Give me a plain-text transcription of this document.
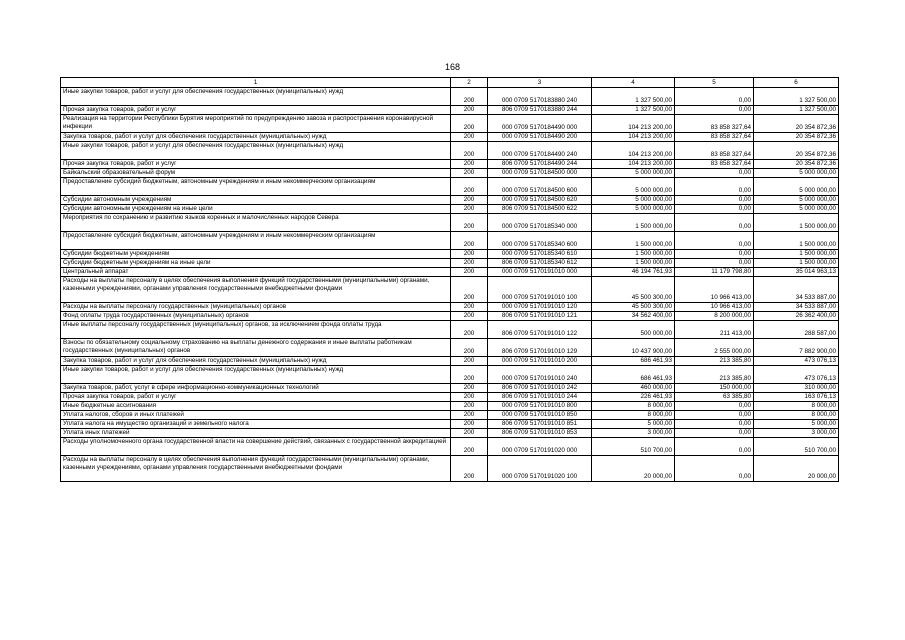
168
1	2	3	4	5	6
Иные закупки товаров, работ и услуг для обеспечения государственных (муниципальных) нужд	200	000 0709 5170183880 240	1 327 500,00	0,00	1 327 500,00
Прочая закупка товаров, работ и услуг	200	806 0709 5170183880 244	1 327 500,00	0,00	1 327 500,00
Реализация на территории Республики Бурятия мероприятий по предупреждению завоза и распространения коронавирусной инфекции	200	000 0709 5170184490 000	104 213 200,00	83 858 327,64	20 354 872,36
Закупка товаров, работ и услуг для обеспечения государственных (муниципальных) нужд	200	000 0709 5170184490 200	104 213 200,00	83 858 327,64	20 354 872,36
Иные закупки товаров, работ и услуг для обеспечения государственных (муниципальных) нужд	200	000 0709 5170184490 240	104 213 200,00	83 858 327,64	20 354 872,36
Прочая закупка товаров, работ и услуг	200	806 0709 5170184490 244	104 213 200,00	83 858 327,64	20 354 872,36
Байкальский образовательный форум	200	000 0709 5170184500 000	5 000 000,00	0,00	5 000 000,00
Предоставление субсидий бюджетным, автономным учреждениям и иным некоммерческим организациям	200	000 0709 5170184500 600	5 000 000,00	0,00	5 000 000,00
Субсидии автономным учреждениям	200	000 0709 5170184500 620	5 000 000,00	0,00	5 000 000,00
Субсидии автономным учреждениям на иные цели	200	806 0709 5170184500 622	5 000 000,00	0,00	5 000 000,00
Мероприятия по сохранению и развитию языков коренных и малочисленных народов Севера	200	000 0709 5170185340 000	1 500 000,00	0,00	1 500 000,00
Предоставление субсидий бюджетным, автономным учреждениям и иным некоммерческим организациям	200	000 0709 5170185340 600	1 500 000,00	0,00	1 500 000,00
Субсидии бюджетным учреждениям	200	000 0709 5170185340 610	1 500 000,00	0,00	1 500 000,00
Субсидии бюджетным учреждениям на иные цели	200	806 0709 5170185340 612	1 500 000,00	0,00	1 500 000,00
Центральный аппарат	200	000 0709 5170191010 000	46 194 761,93	11 179 798,80	35 014 963,13
Расходы на выплаты персоналу в целях обеспечения выполнения функций государственными (муниципальными) органами, казенными учреждениями, органами управления государственными внебюджетными фондами	200	000 0709 5170191010 100	45 500 300,00	10 966 413,00	34 533 887,00
Расходы на выплаты персоналу государственных (муниципальных) органов	200	000 0709 5170191010 120	45 500 300,00	10 966 413,00	34 533 887,00
Фонд оплаты труда государственных (муниципальных) органов	200	806 0709 5170191010 121	34 562 400,00	8 200 000,00	26 362 400,00
Иные выплаты персоналу государственных (муниципальных) органов, за исключением фонда оплаты труда	200	806 0709 5170191010 122	500 000,00	211 413,00	288 587,00
Взносы по обязательному социальному страхованию на выплаты денежного содержания и иные выплаты работникам государственных (муниципальных) органов	200	806 0709 5170191010 129	10 437 900,00	2 555 000,00	7 882 900,00
Закупка товаров, работ и услуг для обеспечения государственных (муниципальных) нужд	200	000 0709 5170191010 200	686 461,93	213 385,80	473 076,13
Иные закупки товаров, работ и услуг для обеспечения государственных (муниципальных) нужд	200	000 0709 5170191010 240	686 461,93	213 385,80	473 076,13
Закупка товаров, работ, услуг в сфере информационно-коммуникационных технологий	200	806 0709 5170191010 242	460 000,00	150 000,00	310 000,00
Прочая закупка товаров, работ и услуг	200	806 0709 5170191010 244	226 461,93	63 385,80	163 076,13
Иные бюджетные ассигнования	200	000 0709 5170191010 800	8 000,00	0,00	8 000,00
Уплата налогов, сборов и иных платежей	200	000 0709 5170191010 850	8 000,00	0,00	8 000,00
Уплата налога на имущество организаций и земельного налога	200	806 0709 5170191010 851	5 000,00	0,00	5 000,00
Уплата иных платежей	200	806 0709 5170191010 853	3 000,00	0,00	3 000,00
Расходы уполномоченного органа государственной власти на совершение действий, связанных с государственной аккредитацией	200	000 0709 5170191020 000	510 700,00	0,00	510 700,00
Расходы на выплаты персоналу в целях обеспечения выполнения функций государственными (муниципальными) органами, казенными учреждениями, органами управления государственными внебюджетными фондами	200	000 0709 5170191020 100	20 000,00	0,00	20 000,00
